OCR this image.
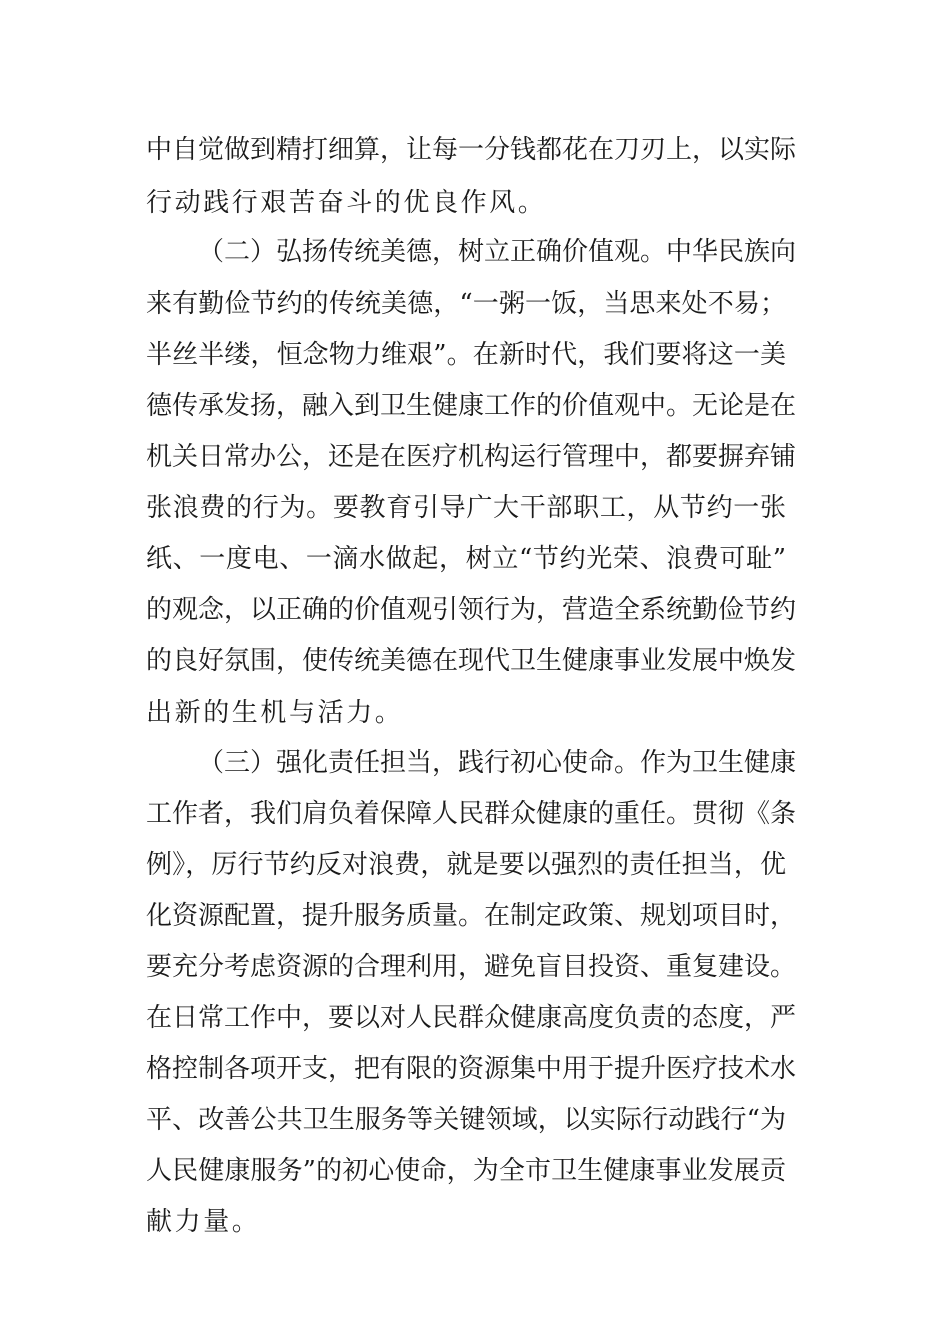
中自觉做到精打细算，让每一分钱都花在刀刃上，以实际
行动践行艰苦奋斗的优良作风。
（二）弘扬传统美德，树立正确价值观。中华民族向
来有勤俭节约的传统美德，“一粥一饭，当思来处不易；
半丝半缕，恒念物力维艰”。在新时代，我们要将这一美
德传承发扬，融入到卫生健康工作的价值观中。无论是在
机关日常办公，还是在医疗机构运行管理中，都要摒弃铺
张浪费的行为。要教育引导广大干部职工，从节约一张
纸、一度电、一滴水做起，树立“节约光荣、浪费可耻”
的观念，以正确的价值观引领行为，营造全系统勤俭节约
的良好氛围，使传统美德在现代卫生健康事业发展中焕发
出新的生机与活力。
（三）强化责任担当，践行初心使命。作为卫生健康
工作者，我们肩负着保障人民群众健康的重任。贯彻《条
例》，厉行节约反对浪费，就是要以强烈的责任担当，优
化资源配置，提升服务质量。在制定政策、规划项目时，
要充分考虑资源的合理利用，避免盲目投资、重复建设。
在日常工作中，要以对人民群众健康高度负责的态度，严
格控制各项开支，把有限的资源集中用于提升医疗技术水
平、改善公共卫生服务等关键领域，以实际行动践行“为
人民健康服务”的初心使命，为全市卫生健康事业发展贡
献力量。
